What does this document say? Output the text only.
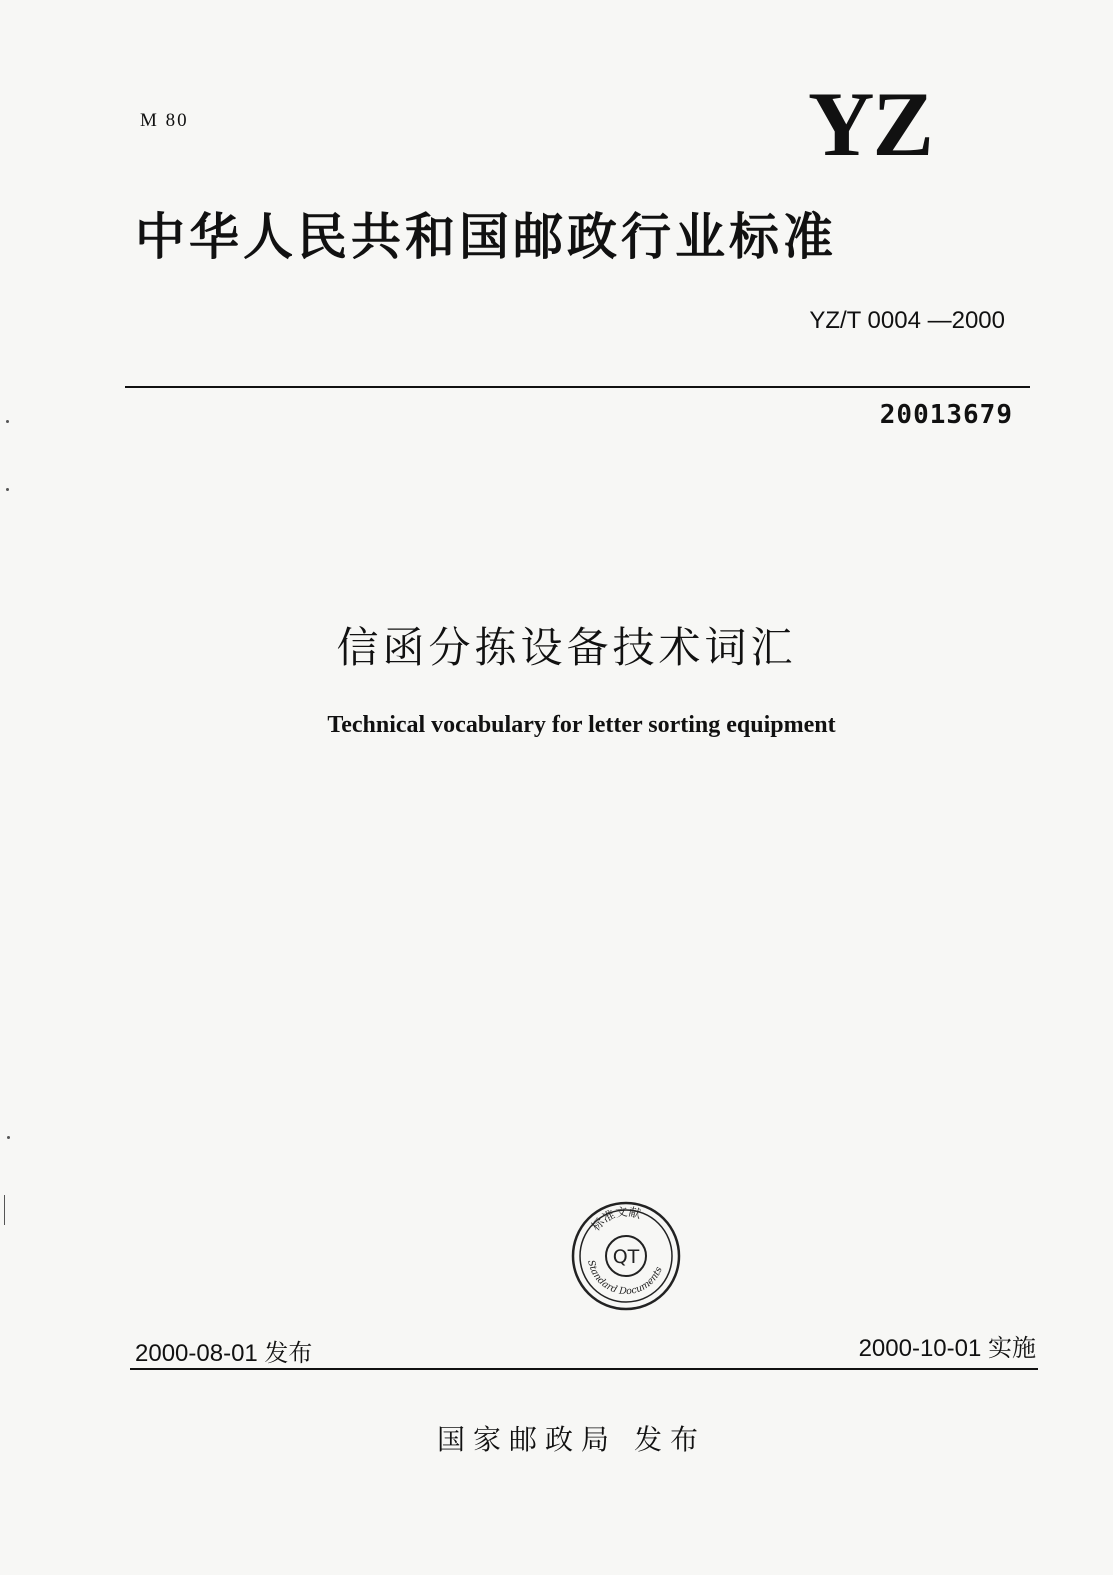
M 80	YZ
中华人民共和国邮政行业标准
YZ/T 0004 —2000
20013679
信函分拣设备技术词汇
Technical vocabulary for letter sorting equipment
标准文献
QT
Standard Documents
2000-08-01 发布	2000-10-01 实施
国家邮政局 发布
